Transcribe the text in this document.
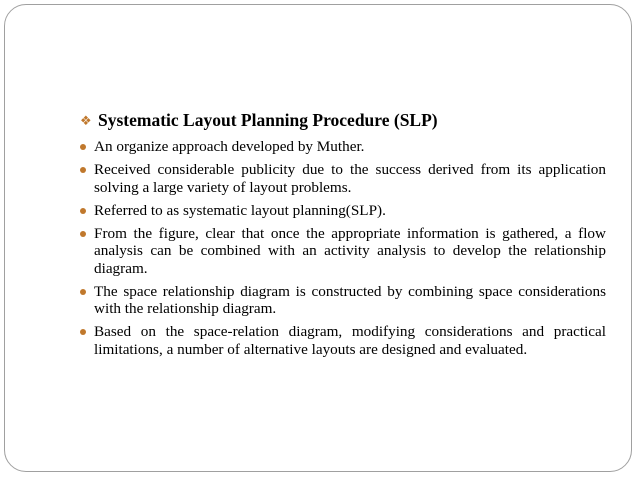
❖ Systematic Layout Planning Procedure (SLP)
An organize approach developed by Muther.
Received considerable publicity due to the success derived from its application solving a large variety of layout problems.
Referred to as systematic layout planning(SLP).
From the figure, clear that once the appropriate information is gathered, a flow analysis can be combined with an activity analysis to develop the relationship diagram.
The space relationship diagram is constructed by combining space considerations with the relationship diagram.
Based on the space-relation diagram, modifying considerations and practical limitations, a number of alternative layouts are designed and evaluated.
